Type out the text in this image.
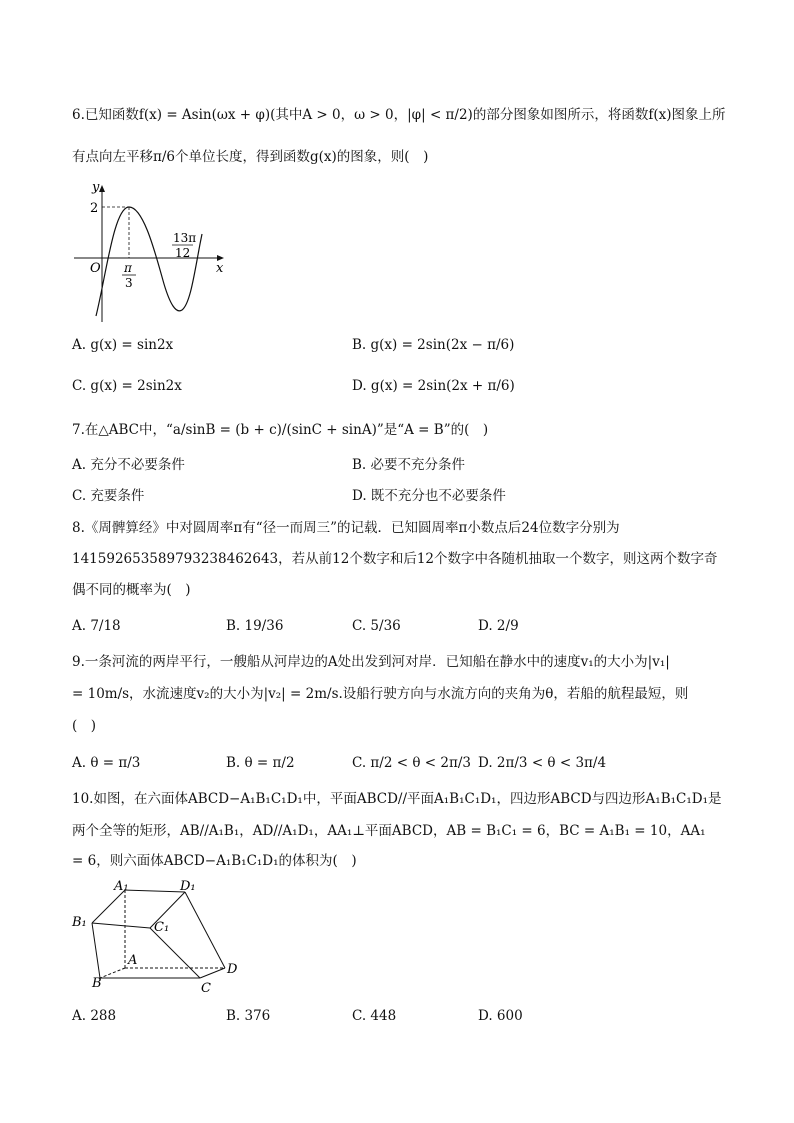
6.已知函数f(x) = Asin(ωx + φ)(其中A > 0，ω > 0，|φ| < π/2)的部分图象如图所示，将函数f(x)图象上所
有点向左平移π/6个单位长度，得到函数g(x)的图象，则(　)
y
x
O
2
π
3
13π
12
A. g(x) = sin2x	B. g(x) = 2sin(2x − π/6)
C. g(x) = 2sin2x	D. g(x) = 2sin(2x + π/6)
7.在△ABC中，“a/sinB = (b + c)/(sinC + sinA)”是“A = B”的(　)
A. 充分不必要条件	B. 必要不充分条件
C. 充要条件	D. 既不充分也不必要条件
8.《周髀算经》中对圆周率π有“径一而周三”的记载．已知圆周率π小数点后24位数字分别为
141592653589793238462643，若从前12个数字和后12个数字中各随机抽取一个数字，则这两个数字奇
偶不同的概率为(　)
A. 7/18	B. 19/36	C. 5/36	D. 2/9
9.一条河流的两岸平行，一艘船从河岸边的A处出发到河对岸．已知船在静水中的速度v₁的大小为|v₁|
= 10m/s，水流速度v₂的大小为|v₂| = 2m/s.设船行驶方向与水流方向的夹角为θ，若船的航程最短，则
(　)
A. θ = π/3	B. θ = π/2	C. π/2 < θ < 2π/3 D. 2π/3 < θ < 3π/4
10.如图，在六面体ABCD−A₁B₁C₁D₁中，平面ABCD//平面A₁B₁C₁D₁，四边形ABCD与四边形A₁B₁C₁D₁是
两个全等的矩形，AB//A₁B₁，AD//A₁D₁，AA₁⊥平面ABCD，AB = B₁C₁ = 6，BC = A₁B₁ = 10，AA₁
= 6，则六面体ABCD−A₁B₁C₁D₁的体积为(　)
A₁	D₁
B₁	C₁
A
B	C
D
A. 288	B. 376	C. 448	D. 600
